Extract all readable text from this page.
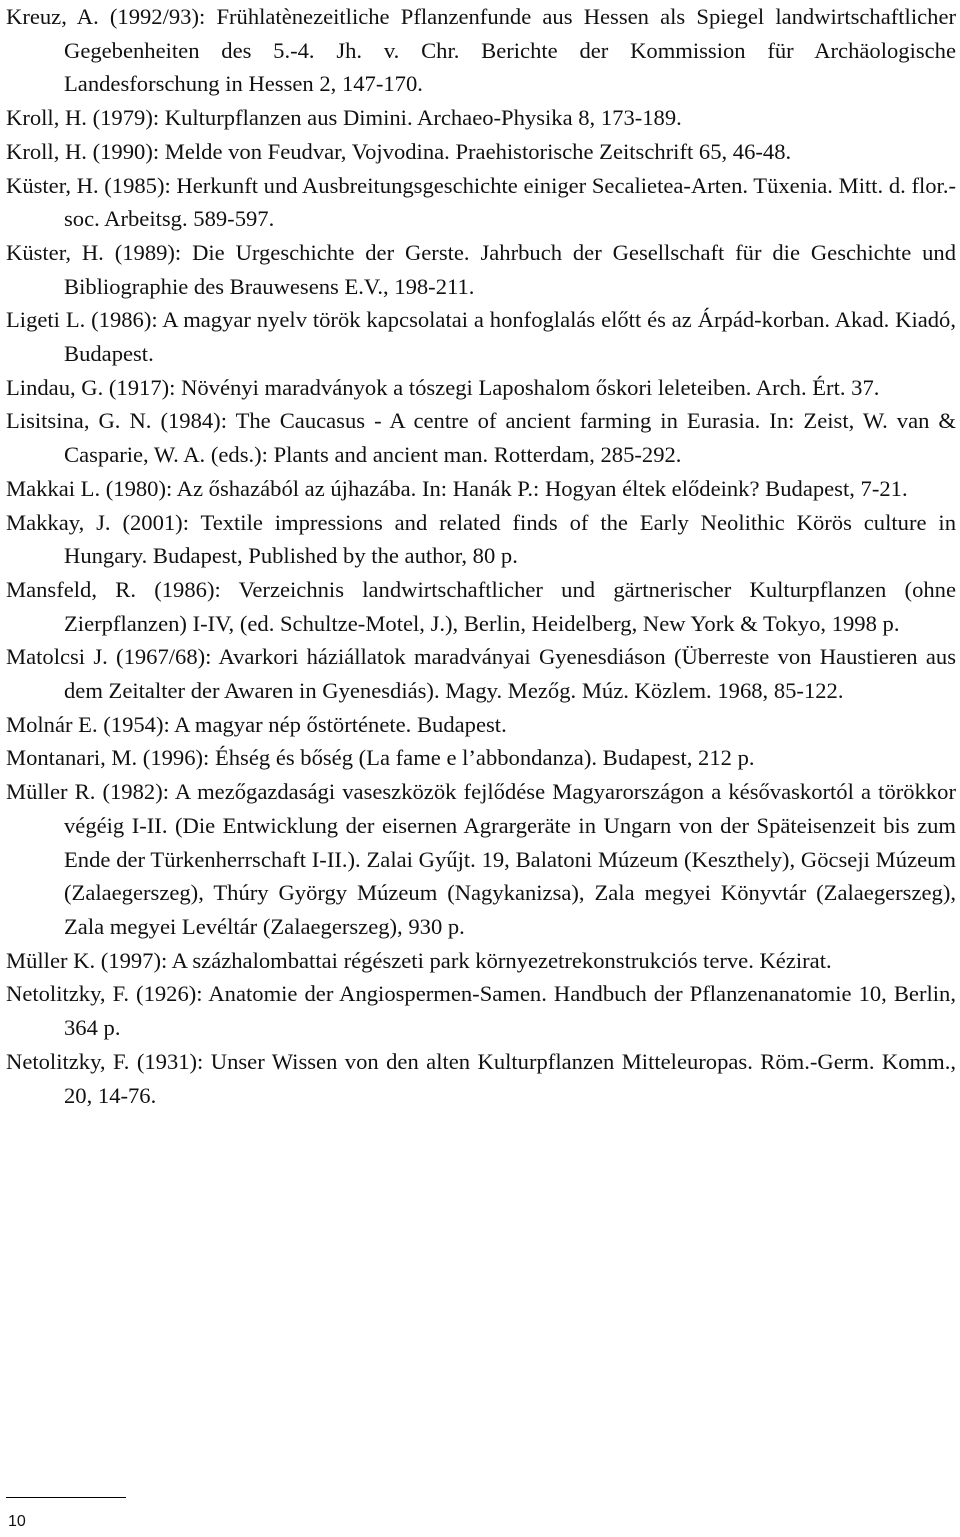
Kreuz, A. (1992/93): Frühlatènezeitliche Pflanzenfunde aus Hessen als Spiegel landwirtschaftlicher Gegebenheiten des 5.-4. Jh. v. Chr. Berichte der Kommission für Archäologische Landesforschung in Hessen 2, 147-170.

Kroll, H. (1979): Kulturpflanzen aus Dimini. Archaeo-Physika 8, 173-189.

Kroll, H. (1990): Melde von Feudvar, Vojvodina. Praehistorische Zeitschrift 65, 46-48.

Küster, H. (1985): Herkunft und Ausbreitungsgeschichte einiger Secalietea-Arten. Tüxenia. Mitt. d. flor.-soc. Arbeitsg. 589-597.

Küster, H. (1989): Die Urgeschichte der Gerste. Jahrbuch der Gesellschaft für die Geschichte und Bibliographie des Brauwesens E.V., 198-211.

Ligeti L. (1986): A magyar nyelv török kapcsolatai a honfoglalás előtt és az Árpád-korban. Akad. Kiadó, Budapest.

Lindau, G. (1917): Növényi maradványok a tószegi Laposhalom őskori leleteiben. Arch. Ért. 37.

Lisitsina, G. N. (1984): The Caucasus - A centre of ancient farming in Eurasia. In: Zeist, W. van & Casparie, W. A. (eds.): Plants and ancient man. Rotterdam, 285-292.

Makkai L. (1980): Az őshazából az újhazába. In: Hanák P.: Hogyan éltek elődeink? Budapest, 7-21.

Makkay, J. (2001): Textile impressions and related finds of the Early Neolithic Körös culture in Hungary. Budapest, Published by the author, 80 p.

Mansfeld, R. (1986): Verzeichnis landwirtschaftlicher und gärtnerischer Kulturpflanzen (ohne Zierpflanzen) I-IV, (ed. Schultze-Motel, J.), Berlin, Heidelberg, New York & Tokyo, 1998 p.

Matolcsi J. (1967/68): Avarkori háziállatok maradványai Gyenesdiáson (Überreste von Haustieren aus dem Zeitalter der Awaren in Gyenesdiás). Magy. Mezőg. Múz. Közlem. 1968, 85-122.

Molnár E. (1954): A magyar nép őstörténete. Budapest.

Montanari, M. (1996): Éhség és bőség (La fame e l’abbondanza). Budapest, 212 p.

Müller R. (1982): A mezőgazdasági vaseszközök fejlődése Magyarországon a késővaskortól a törökkor végéig I-II. (Die Entwicklung der eisernen Agrargeräte in Ungarn von der Späteisenzeit bis zum Ende der Türkenherrschaft I-II.). Zalai Gyűjt. 19, Balatoni Múzeum (Keszthely), Göcseji Múzeum (Zalaegerszeg), Thúry György Múzeum (Nagykanizsa), Zala megyei Könyvtár (Zalaegerszeg), Zala megyei Levéltár (Zalaegerszeg), 930 p.

Müller K. (1997): A százhalombattai régészeti park környezetrekonstrukciós terve. Kézirat.

Netolitzky, F. (1926): Anatomie der Angiospermen-Samen. Handbuch der Pflanzenanatomie 10, Berlin, 364 p.

Netolitzky, F. (1931): Unser Wissen von den alten Kulturpflanzen Mitteleuropas. Röm.-Germ. Komm., 20, 14-76.

10
